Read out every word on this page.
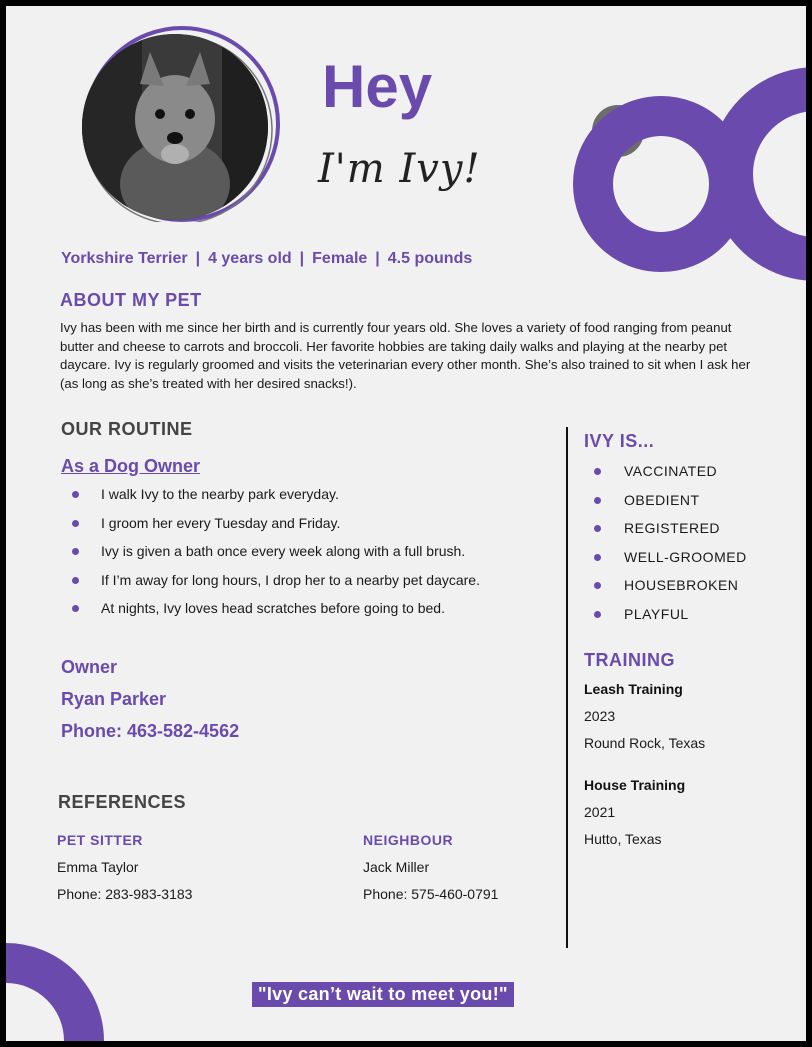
Hey
I'm Ivy!
Yorkshire Terrier | 4 years old | Female | 4.5 pounds
ABOUT MY PET
Ivy has been with me since her birth and is currently four years old. She loves a variety of food ranging from peanut butter and cheese to carrots and broccoli. Her favorite hobbies are taking daily walks and playing at the nearby pet daycare. Ivy is regularly groomed and visits the veterinarian every other month. She’s also trained to sit when I ask her (as long as she’s treated with her desired snacks!).
OUR ROUTINE
As a Dog Owner
I walk Ivy to the nearby park everyday.
I groom her every Tuesday and Friday.
Ivy is given a bath once every week along with a full brush.
If I’m away for long hours, I drop her to a nearby pet daycare.
At nights, Ivy loves head scratches before going to bed.
Owner
Ryan Parker
Phone: 463-582-4562
REFERENCES
PET SITTER
Emma Taylor
Phone: 283-983-3183
NEIGHBOUR
Jack Miller
Phone: 575-460-0791
IVY IS...
VACCINATED
OBEDIENT
REGISTERED
WELL-GROOMED
HOUSEBROKEN
PLAYFUL
TRAINING
Leash Training
2023
Round Rock, Texas
House Training
2021
Hutto, Texas
"Ivy can’t wait to meet you!"
